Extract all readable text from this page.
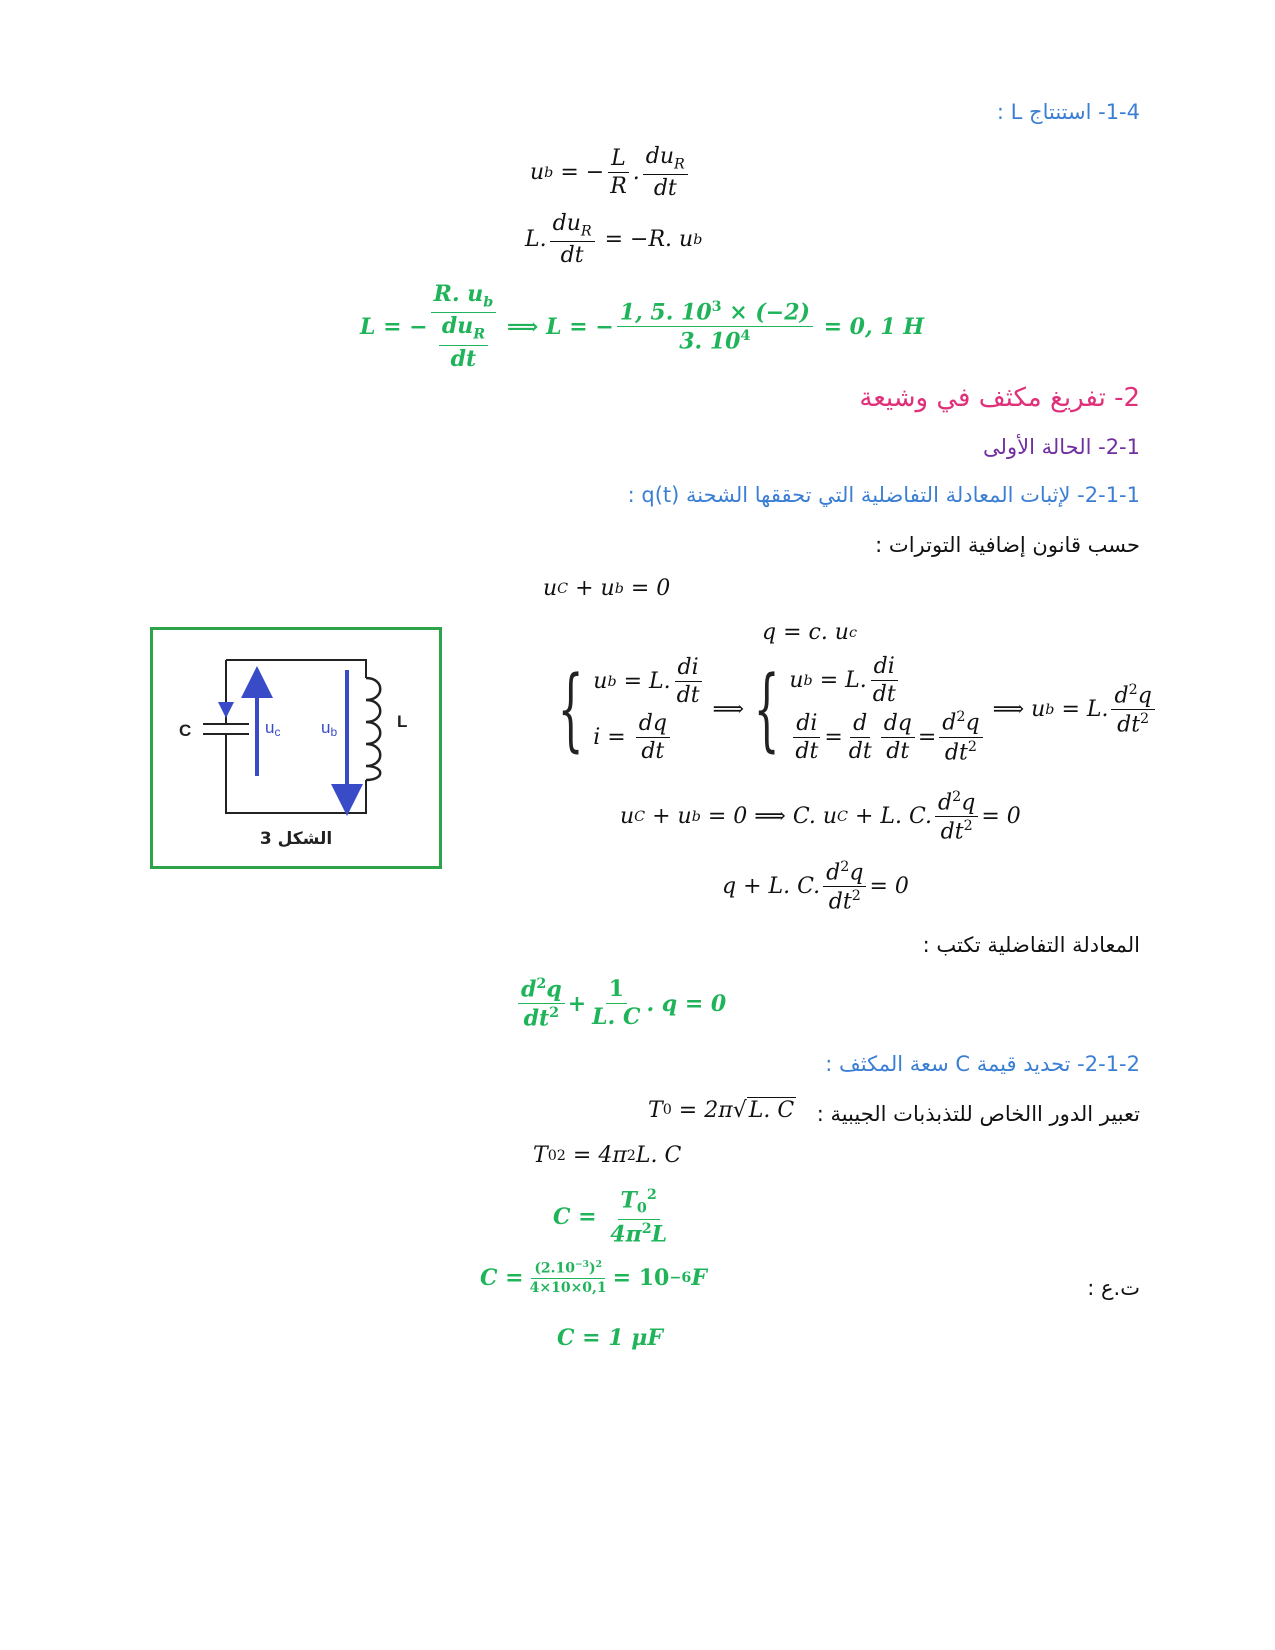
1-4- استنتاج L :
u b = − $\frac{L}{R}$ . $\frac{du_R}{dt}$
L. $\frac{du_R}{dt} = -R$. u b
L = − $\frac{R. u_b}{\frac{du_R}{dt}}$ ⟹ L = − $\frac{1, 5. 10^3 \times (-2)}{3. 10^4}$
= 0, 1 H
2- تفريغ مكثف في وشيعة
2-1- الحالة الأولى
2-1-1- لإثبات المعادلة التفاضلية التي تحققها الشحنة q(t) :
حسب قانون إضافية التوترات :
u C + u b = 0
q = c. u c
{ u b = L. $\frac{di}{dt}$
$i = \frac{dq}{dt}$
⟹ { u b = L. $\frac{di}{dt}$
$\frac{di}{dt} = \frac{d}{dt} \frac{dq}{dt} = \frac{d^2q}{dt^2}$
⟹ u b = L. $\frac{d^2q}{dt^2}$
u C + u b = 0 ⟹ C. u C + L. C. $\frac{d^2q}{dt^2} = 0$
q + L. C. $\frac{d^2q}{dt^2} = 0$
المعادلة التفاضلية تكتب :
$\frac{d^2q}{dt^2} + \frac{1}{L. C}$ . q = 0
2-1-2- تحديد قيمة C سعة المكثف :
تعبير الدور االخاص للتذبذبات الجيبية :
T 0 = 2π √ L. C
T 0 2 = 4π 2 L. C
$C = \frac{T_0^2}{4\pi^2L}$
ت.ع :
$C = \frac{(2.10^{-3})^2}{4\times 10\times 0,1} = 10 -6$ F
C = 1 μF
C	L
uc ub
الشكل 3
